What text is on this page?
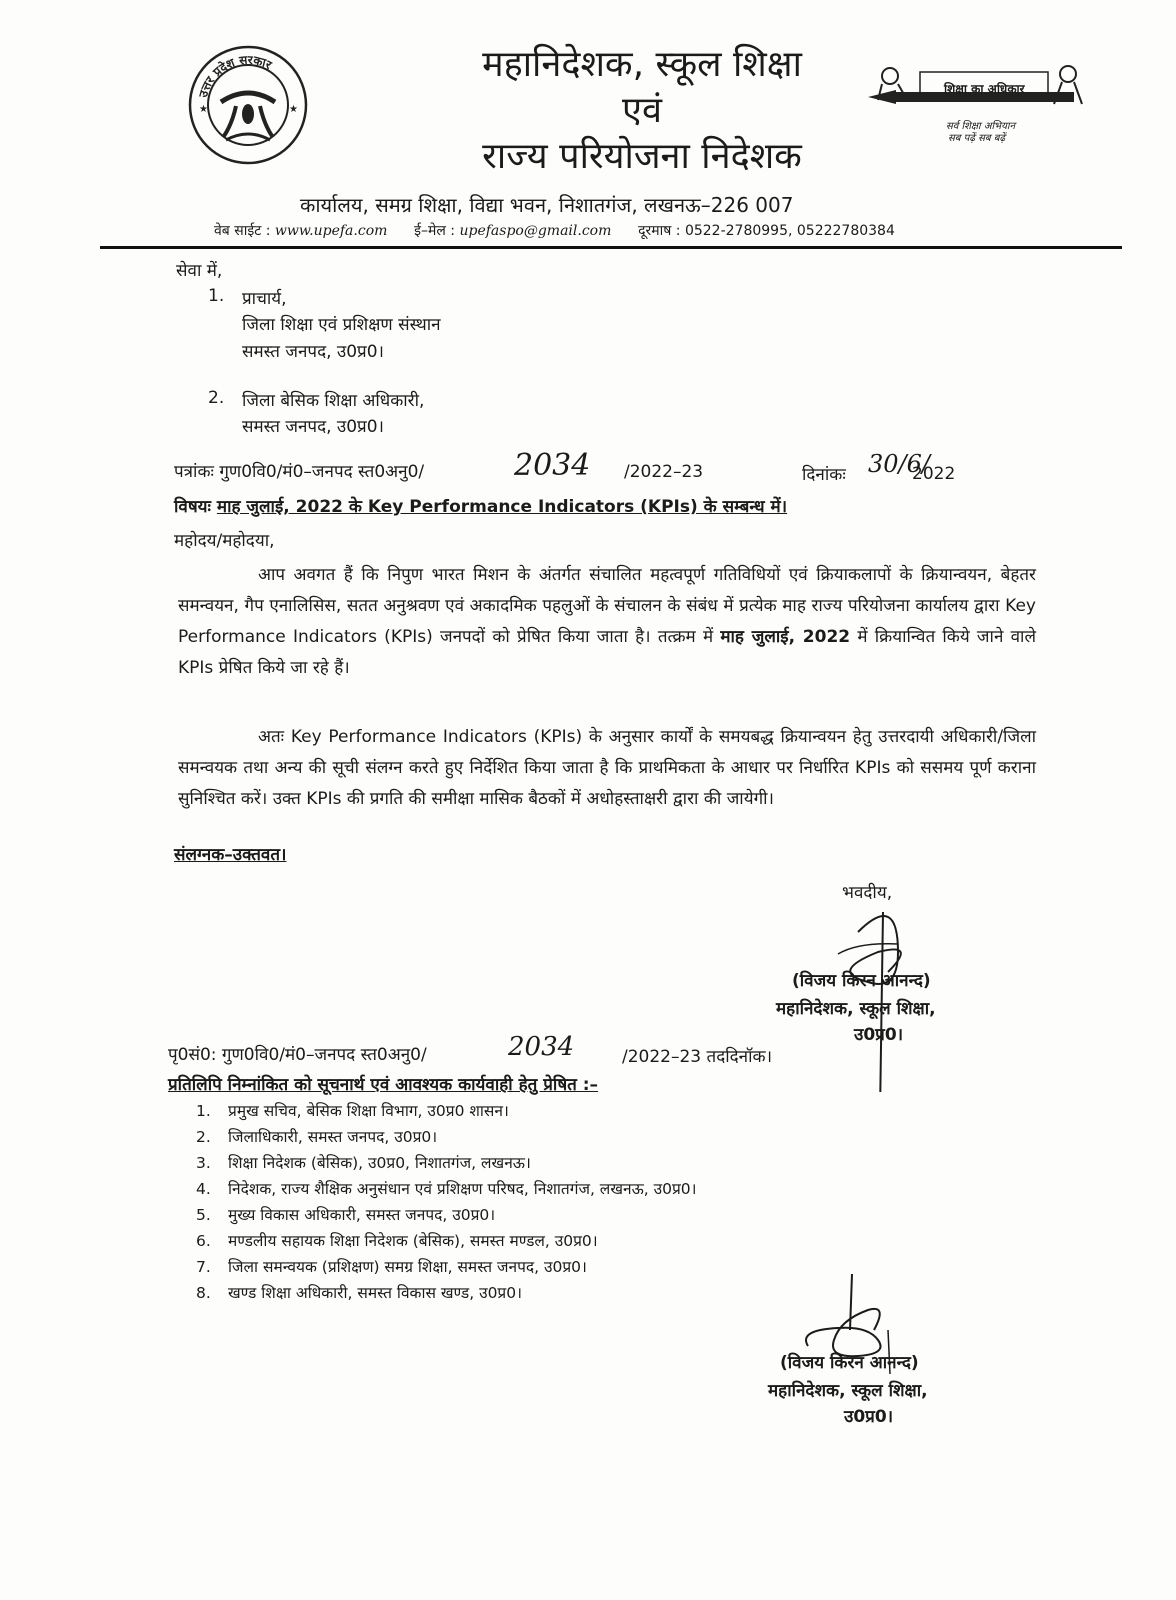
उत्तर प्रदेश सरकार
★	★
शिक्षा का अधिकार
सर्व शिक्षा अभियान
सब पढ़ें सब बढ़ें
महानिदेशक, स्कूल शिक्षा
एवं
राज्य परियोजना निदेशक
कार्यालय, समग्र शिक्षा, विद्या भवन, निशातगंज, लखनऊ–226 007
वेब साईट : www.upefa.com ई–मेल : upefaspo@gmail.com दूरमाष : 0522-2780995, 05222780384
सेवा में,
1. प्राचार्य,
जिला शिक्षा एवं प्रशिक्षण संस्थान
समस्त जनपद, उ0प्र0।
2. जिला बेसिक शिक्षा अधिकारी,
समस्त जनपद, उ0प्र0।
पत्रांकः गुण0वि0/मं0–जनपद स्त0अनु0/	2034 /2022–23	दिनांकः 30/6/
2022
विषयः माह जुलाई, 2022 के Key Performance Indicators (KPIs) के सम्बन्ध में।
महोदय/महोदया,
आप अवगत हैं कि निपुण भारत मिशन के अंतर्गत संचालित महत्वपूर्ण गतिविधियों एवं क्रियाकलापों के क्रियान्वयन, बेहतर समन्वयन, गैप एनालिसिस, सतत अनुश्रवण एवं अकादमिक पहलुओं के संचालन के संबंध में प्रत्येक माह राज्य परियोजना कार्यालय द्वारा Key Performance Indicators (KPIs) जनपदों को प्रेषित किया जाता है। तत्क्रम में माह जुलाई, 2022 में क्रियान्वित किये जाने वाले KPIs प्रेषित किये जा रहे हैं।
अतः Key Performance Indicators (KPIs) के अनुसार कार्यों के समयबद्ध क्रियान्वयन हेतु उत्तरदायी अधिकारी/जिला समन्वयक तथा अन्य की सूची संलग्न करते हुए निर्देशित किया जाता है कि प्राथमिकता के आधार पर निर्धारित KPIs को ससमय पूर्ण कराना सुनिश्चित करें। उक्त KPIs की प्रगति की समीक्षा मासिक बैठकों में अधोहस्ताक्षरी द्वारा की जायेगी।
संलग्नक–उक्तवत।
भवदीय,
(विजय किरन आनन्द)
महानिदेशक, स्कूल शिक्षा,
उ0प्र0।
पृ0सं0: गुण0वि0/मं0–जनपद स्त0अनु0/	2034	/2022–23 तददिनॉक।
प्रतिलिपि निम्नांकित को सूचनार्थ एवं आवश्यक कार्यवाही हेतु प्रेषित :–
1. प्रमुख सचिव, बेसिक शिक्षा विभाग, उ0प्र0 शासन।
2. जिलाधिकारी, समस्त जनपद, उ0प्र0।
3. शिक्षा निदेशक (बेसिक), उ0प्र0, निशातगंज, लखनऊ।
4. निदेशक, राज्य शैक्षिक अनुसंधान एवं प्रशिक्षण परिषद, निशातगंज, लखनऊ, उ0प्र0।
5. मुख्य विकास अधिकारी, समस्त जनपद, उ0प्र0।
6. मण्डलीय सहायक शिक्षा निदेशक (बेसिक), समस्त मण्डल, उ0प्र0।
7. जिला समन्वयक (प्रशिक्षण) समग्र शिक्षा, समस्त जनपद, उ0प्र0।
8. खण्ड शिक्षा अधिकारी, समस्त विकास खण्ड, उ0प्र0।
(विजय किरन आनन्द)
महानिदेशक, स्कूल शिक्षा,
उ0प्र0।
